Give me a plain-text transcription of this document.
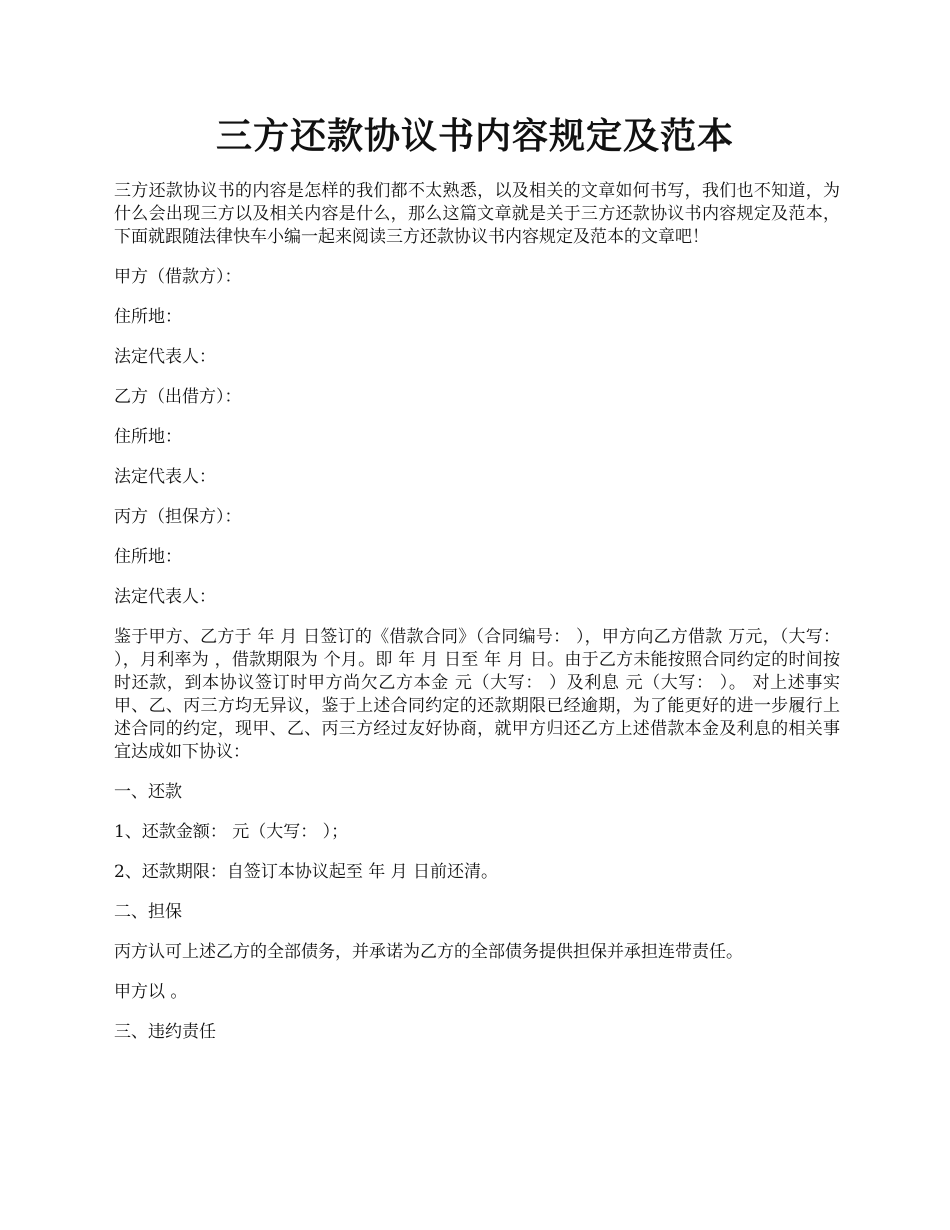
三方还款协议书内容规定及范本

三方还款协议书的内容是怎样的我们都不太熟悉，以及相关的文章如何书写，我们也不知道，为什么会出现三方以及相关内容是什么，那么这篇文章就是关于三方还款协议书内容规定及范本，下面就跟随法律快车小编一起来阅读三方还款协议书内容规定及范本的文章吧！

甲方（借款方）：

住所地：

法定代表人：

乙方（出借方）：

住所地：

法定代表人：

丙方（担保方）：

住所地：

法定代表人：

鉴于甲方、乙方于 年 月 日签订的《借款合同》（合同编号： ），甲方向乙方借款 万元，（大写： ），月利率为 ，借款期限为 个月。即 年 月 日至 年 月 日。由于乙方未能按照合同约定的时间按时还款，到本协议签订时甲方尚欠乙方本金 元（大写： ）及利息 元（大写： ）。 对上述事实甲、乙、丙三方均无异议，鉴于上述合同约定的还款期限已经逾期，为了能更好的进一步履行上述合同的约定，现甲、乙、丙三方经过友好协商，就甲方归还乙方上述借款本金及利息的相关事宜达成如下协议：

一、还款

1、还款金额： 元（大写： ）；

2、还款期限：自签订本协议起至 年 月 日前还清。

二、担保

丙方认可上述乙方的全部债务，并承诺为乙方的全部债务提供担保并承担连带责任。

甲方以 。

三、违约责任
